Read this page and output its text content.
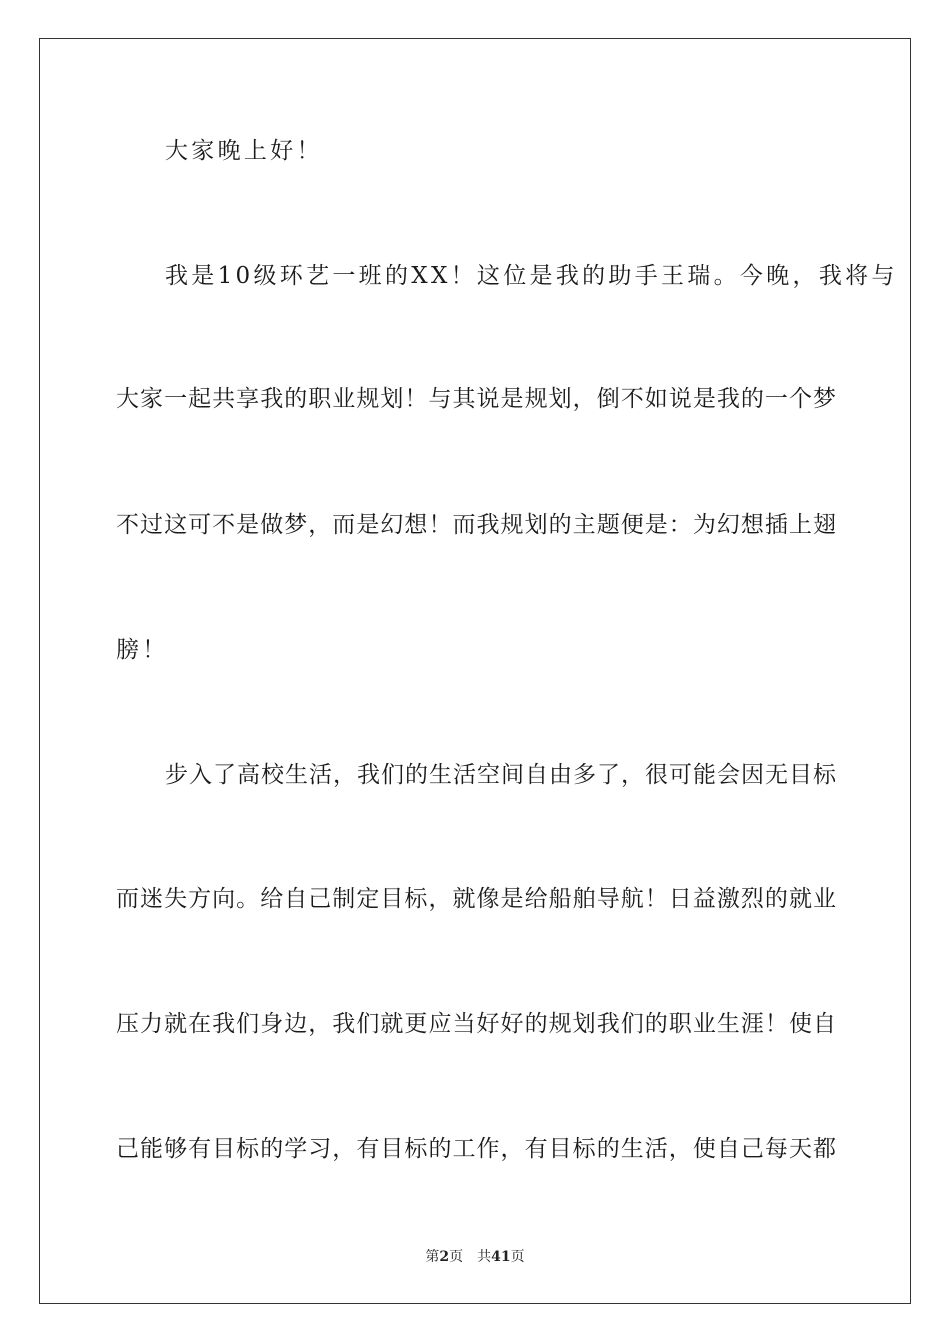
大家晚上好！
我是10级环艺一班的XX！这位是我的助手王瑞。今晚，我将与
大家一起共享我的职业规划！与其说是规划，倒不如说是我的一个梦
不过这可不是做梦，而是幻想！而我规划的主题便是：为幻想插上翅
膀！
步入了高校生活，我们的生活空间自由多了，很可能会因无目标
而迷失方向。给自己制定目标，就像是给船舶导航！日益激烈的就业
压力就在我们身边，我们就更应当好好的规划我们的职业生涯！使自
己能够有目标的学习，有目标的工作，有目标的生活，使自己每天都
第2页 共41页
